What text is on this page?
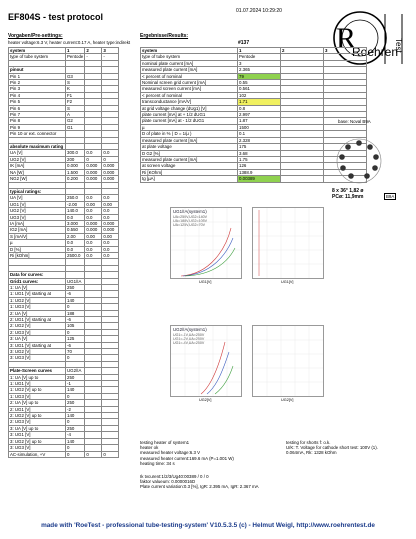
EF804S - test protocol
01.07.2024 10:29:20
Vorgaben/Pre-settings:	Ergebnisse/Results:
heater voltage:6.3 V, heater current:0.17 A, heater type:indirekt	#137	R
Roehren
Test
system	1	2	3
type of tube system	Pentode	-	-

pinout			
Pin 1	G3		
Pin 2	S		
Pin 3	K		
Pin 4	F1		
Pin 5	F2		
Pin 6	S		
Pin 7	A		
Pin 8	G2		
Pin 9	G1		
Pin 10 or ext. connector			

absolute maximum rating			
UA [V]	300.0	0.0	0.0
UG2 [V]	200	0	0
IK [mA]	0.000	0.000	0.000
NA [W]	1.500	0.000	0.000
NG2 [W]	0.200	0.000	0.000

typical ratings:			
UA [V]	250.0	0.0	0.0
UG1 [V]	-2.00	0.00	0.00
UG2 [V]	140.0	0.0	0.0
UG3 [V]	0.0	0.0	0.0
IA [mA]	3.000	0.000	0.000
IG2 [mA]	0.550	0.000	0.000
S [mA/V]	2.00	0.00	0.00
µ	0.0	0.0	0.0
D [%]	0.0	0.0	0.0
Ri [kOhm]	2500.0	0.0	0.0

Data for curves:			
Grid1 curves:	UG1/IA		
1: UA [V]	250		
1: UG1 [V] starting at	-6		
1: UG2 [V]	140		
1: UG3 [V]	0		
2: UA [V]	188		
2: UG1 [V] starting at	-6		
2: UG2 [V]	105		
2: UG3 [V]	0		
3: UA [V]	125		
3: UG1 [V] starting at	-6		
3: UG2 [V]	70		
3: UG3 [V]	0		

Plate-Screen curves	UG2/IA		
1: UA [V] up to	250		
1: UG1 [V]	-1		
1: UG2 [V] up to	140		
1: UG3 [V]	0		
2: UA [V] up to	250		
2: UG1 [V]	-2		
2: UG2 [V] up to	140		
2: UG3 [V]	0		
3: UA [V] up to	250		
3: UG1 [V]	-4		
3: UG2 [V] up to	140		
3: UG3 [V]	0		
AC-simulation, +V	0	0	0
system	1	2	3
type of tube system	Pentode		
nominal plate current [mA]	3		
measured plate current [mA]	2.365		
< percent of nominal	79		
Nominal screen grid current [mA]	0.55		
measured screen current [mA]	0.561		
< percent of nominal	102		
transconductance [mA/V]	1.71		
at grid voltage change (dUg1) [V]	0.8		
plate current [mA] at + 1/2 dUG1	2.997		
plate current [mA] at - 1/2 dUG1	1.87		
µ	1500		
D of plate in % ( D = 1/µ )	0.1		
measured plate current [mA]	2.328		
at plate voltage	175		
D G2 [%]	3.68		
measured plate current [mA]	1.75		
at screen voltage	126		
Ri [KOhm]	1388.9		
tg [µA]	0.00389		
base: Noval B9A
8 x 36° 1,82 ø
PCø: 11,9mm	B9A
UG1/IA(system1)
UA=250V,UG2=140V
UA=188V,UG2=105V
UA=125V,UG2=70V
UG1[V]	UG1[V]
UG2/IA(system1)
UG1=-1V,UA=250V
UG1=-2V,UA=250V
UG1=-4V,UA=250V
UG2[V]	UG2[V]
testing heater of system1
heater ok
measured heater voltage:6.3 V
measured heater current:169.6 mA (P=1.001 W)
heating time: 34 s
testing for shorts f: o.k.
U/K: T. Voltage for cathode short test: 100V (1).
0.064mA, Rk: 1328 kOhm
Ik tvcurent:1/2/3/Ug40:00389 / 0 / 0
faktor valueum: 0.0000016D
Plate current variation:0.3 [%], IgR: 2.395 mA, IgR: 2.367 mA
made with 'RoeTest - professional tube-testing-system' V10.5.3.5 (c) - Helmut Weigl, http://www.roehrentest.de
